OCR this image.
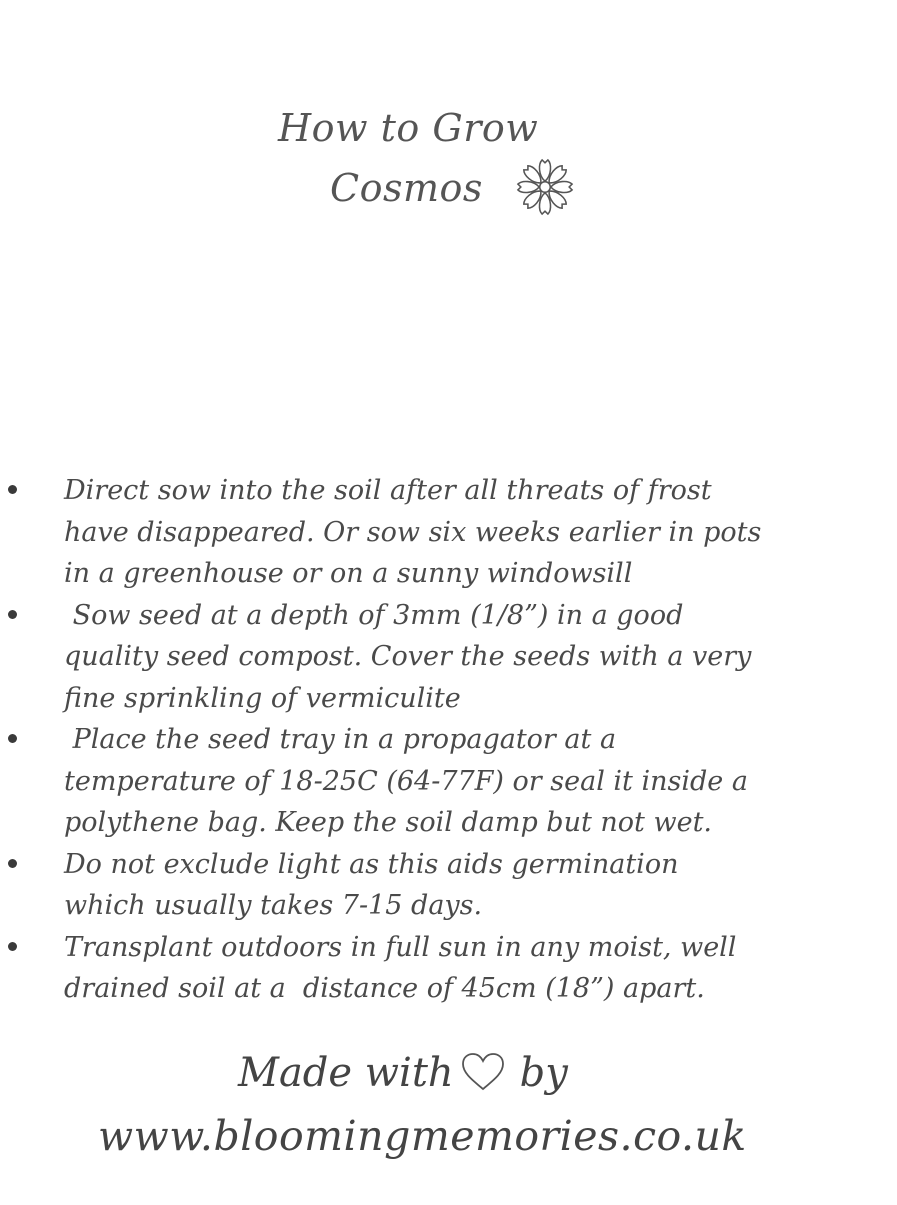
How to Grow
Cosmos
Direct sow into the soil after all threats of frost
have disappeared. Or sow six weeks earlier in pots
in a greenhouse or on a sunny windowsill
Sow seed at a depth of 3mm (1/8”) in a good
quality seed compost. Cover the seeds with a very
fine sprinkling of vermiculite
Place the seed tray in a propagator at a
temperature of 18-25C (64-77F) or seal it inside a
polythene bag. Keep the soil damp but not wet.
Do not exclude light as this aids germination
which usually takes 7-15 days.
Transplant outdoors in full sun in any moist, well
drained soil at a  distance of 45cm (18”) apart.
Made with by
www.bloomingmemories.co.uk
